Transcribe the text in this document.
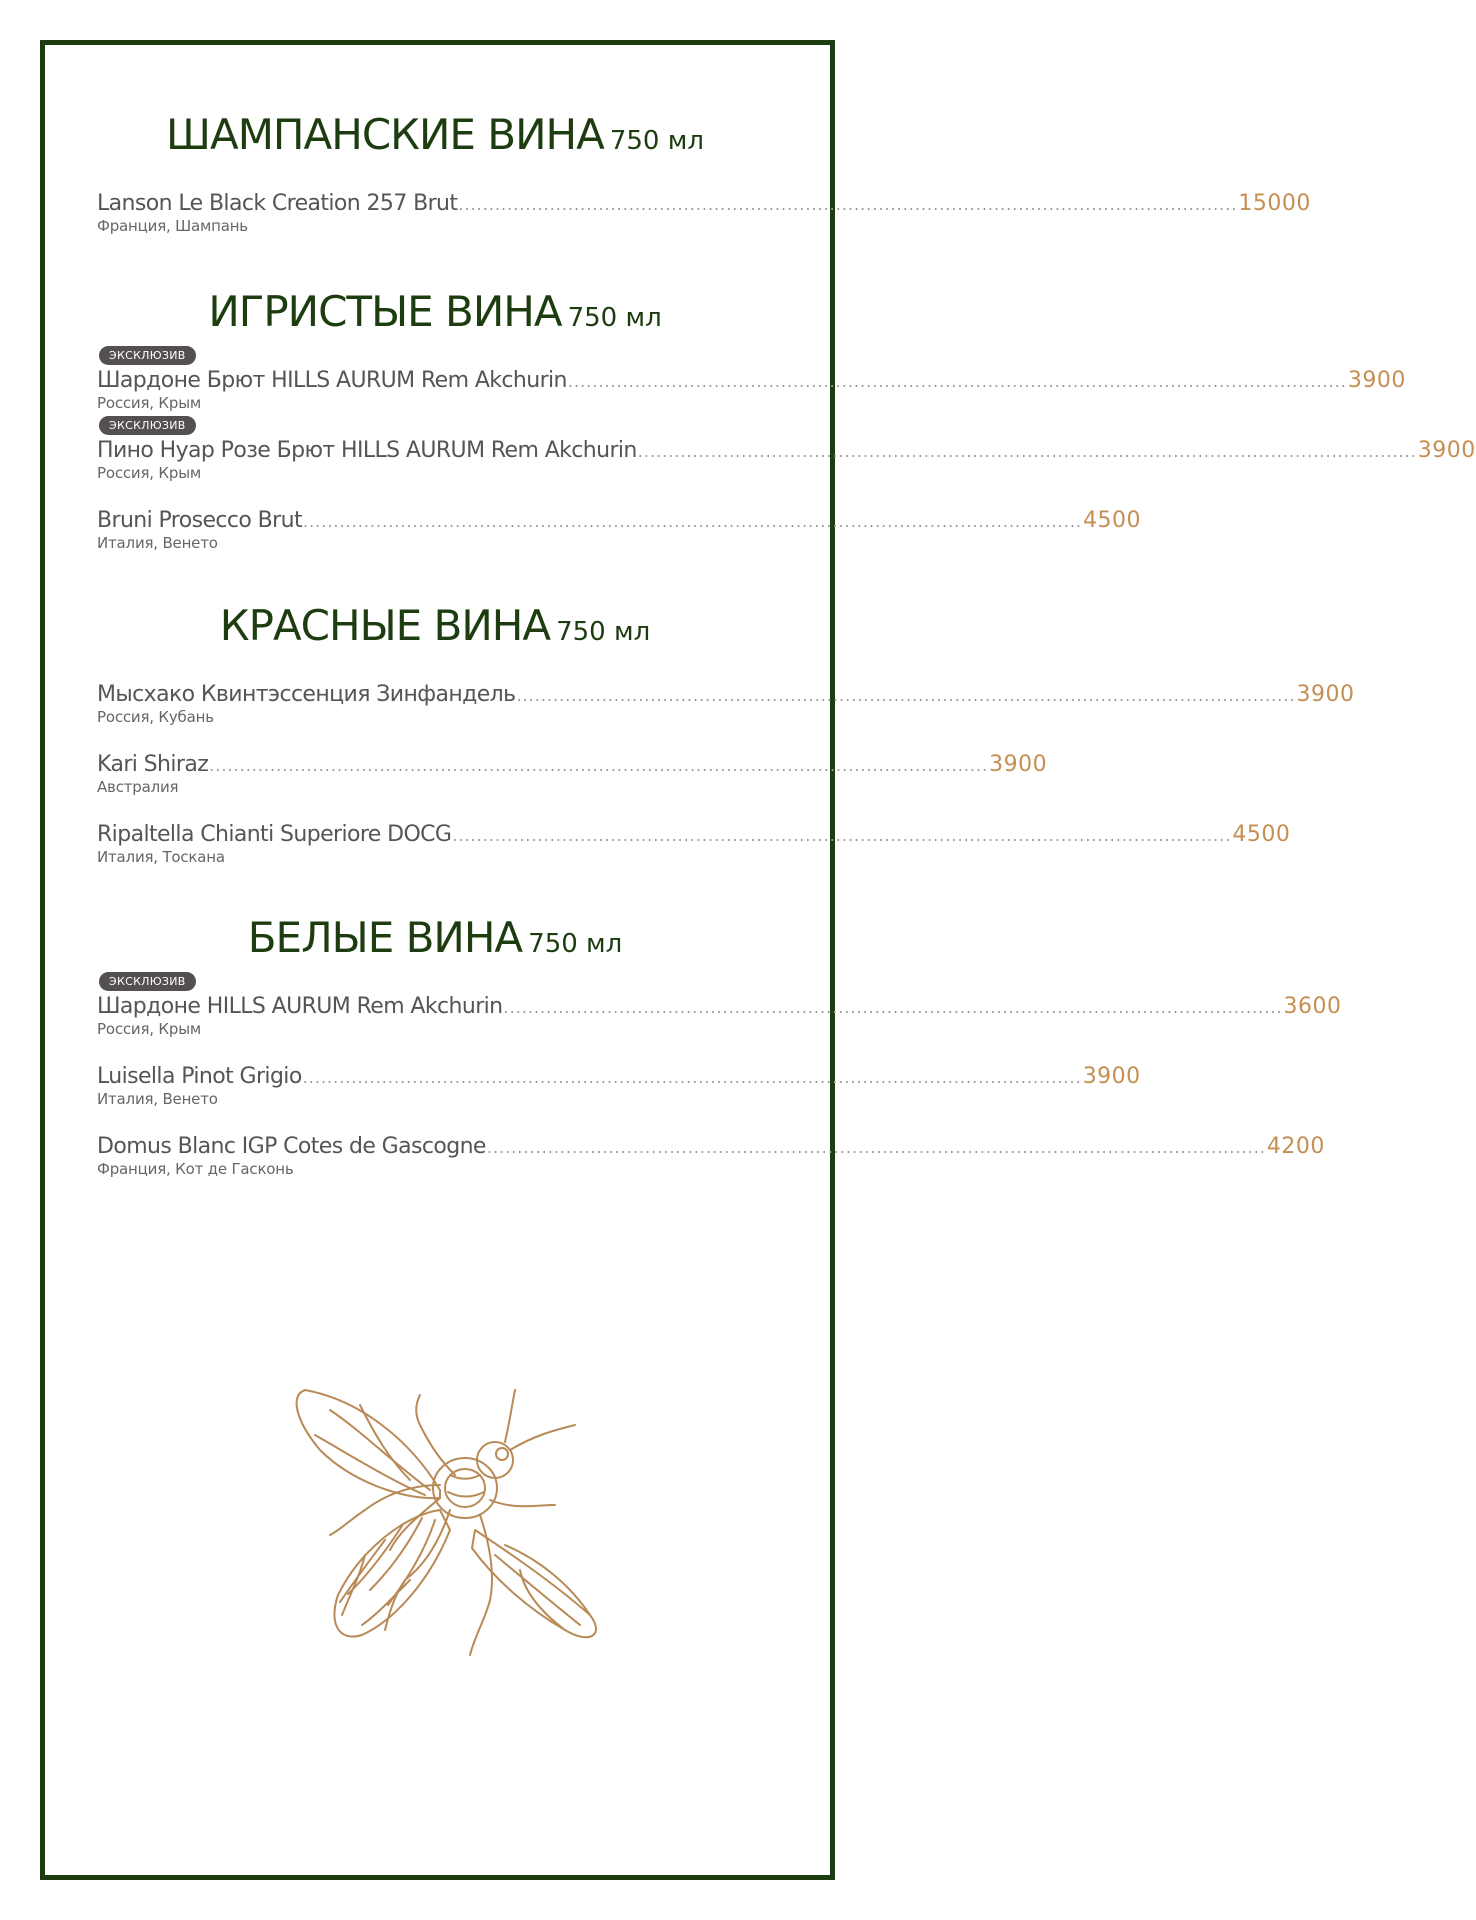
ШАМПАНСКИЕ ВИНА 750 мл
Lanson Le Black Creation 257 Brut ................................................................................................................................ 15000
Франция, Шампань
ИГРИСТЫЕ ВИНА 750 мл
ЭКСКЛЮЗИВ
Шардоне Брют HILLS AURUM Rem Akchurin ................................................................................................................................ 3900
Россия, Крым
ЭКСКЛЮЗИВ
Пино Нуар Розе Брют HILLS AURUM Rem Akchurin ................................................................................................................................ 3900
Россия, Крым
Bruni Prosecco Brut ................................................................................................................................ 4500
Италия, Венето
КРАСНЫЕ ВИНА 750 мл
Мысхако Квинтэссенция Зинфандель ................................................................................................................................ 3900
Россия, Кубань
Kari Shiraz ................................................................................................................................ 3900
Австралия
Ripaltella Chianti Superiore DOCG ................................................................................................................................ 4500
Италия, Тоскана
БЕЛЫЕ ВИНА 750 мл
ЭКСКЛЮЗИВ
Шардоне HILLS AURUM Rem Akchurin ................................................................................................................................ 3600
Россия, Крым
Luisella Pinot Grigio ................................................................................................................................ 3900
Италия, Венето
Domus Blanc IGP Cotes de Gascogne ................................................................................................................................ 4200
Франция, Кот де Гасконь
